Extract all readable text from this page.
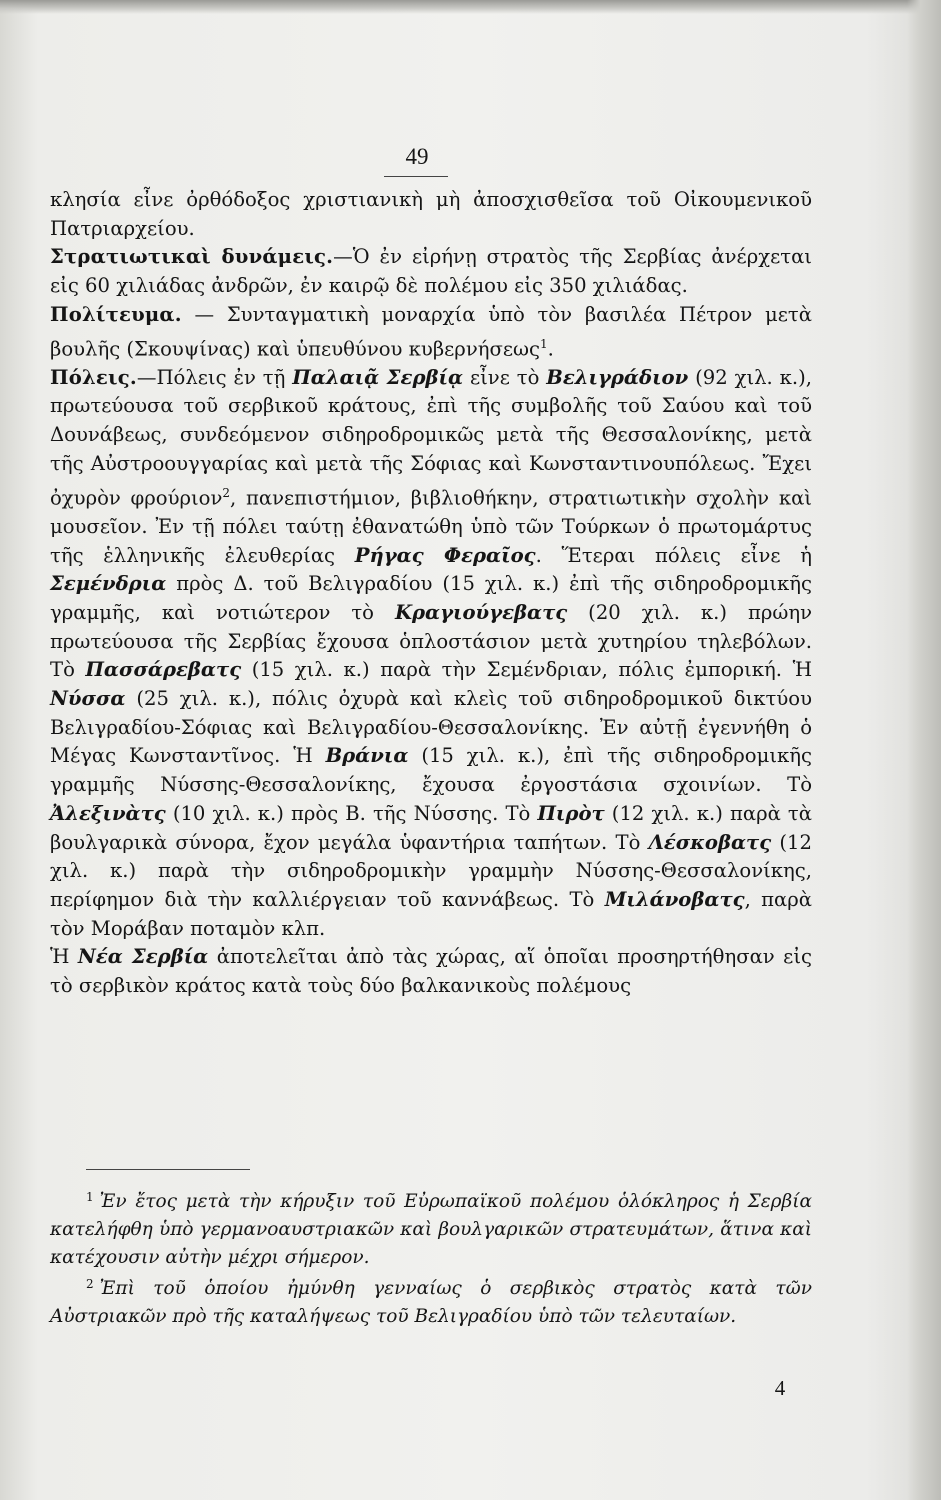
49

κλησία εἶνε ὀρθόδοξος χριστιανικὴ μὴ ἀποσχισθεῖσα τοῦ Οἰκουμενικοῦ Πατριαρχείου.

Στρατιωτικαὶ δυνάμεις.—Ὁ ἐν εἰρήνῃ στρατὸς τῆς Σερβίας ἀνέρχεται εἰς 60 χιλιάδας ἀνδρῶν, ἐν καιρῷ δὲ πολέμου εἰς 350 χιλιάδας.

Πολίτευμα. — Συνταγματικὴ μοναρχία ὑπὸ τὸν βασιλέα Πέτρον μετὰ βουλῆς (Σκουψίνας) καὶ ὑπευθύνου κυβερνήσεως$^1$.

Πόλεις.—Πόλεις ἐν τῇ Παλαιᾷ Σερβίᾳ εἶνε τὸ Βελιγράδιον (92 χιλ. κ.), πρωτεύουσα τοῦ σερβικοῦ κράτους, ἐπὶ τῆς συμβολῆς τοῦ Σαύου καὶ τοῦ Δουνάβεως, συνδεόμενον σιδηροδρομικῶς μετὰ τῆς Θεσσαλονίκης, μετὰ τῆς Αὐστροουγγαρίας καὶ μετὰ τῆς Σόφιας καὶ Κωνσταντινουπόλεως. Ἔχει ὀχυρὸν φρούριον$^2$, πανεπιστήμιον, βιβλιοθήκην, στρατιωτικὴν σχολὴν καὶ μουσεῖον. Ἐν τῇ πόλει ταύτῃ ἐθανατώθη ὑπὸ τῶν Τούρκων ὁ πρωτομάρτυς τῆς ἑλληνικῆς ἐλευθερίας Ρήγας Φεραῖος. Ἕτεραι πόλεις εἶνε ἡ Σεμένδρια πρὸς Δ. τοῦ Βελιγραδίου (15 χιλ. κ.) ἐπὶ τῆς σιδηροδρομικῆς γραμμῆς, καὶ νοτιώτερον τὸ Κραγιούγεβατς (20 χιλ. κ.) πρώην πρωτεύουσα τῆς Σερβίας ἔχουσα ὁπλοστάσιον μετὰ χυτηρίου τηλεβόλων. Τὸ Πασσάρεβατς (15 χιλ. κ.) παρὰ τὴν Σεμένδριαν, πόλις ἐμπορική. Ἡ Νύσσα (25 χιλ. κ.), πόλις ὀχυρὰ καὶ κλεὶς τοῦ σιδηροδρομικοῦ δικτύου Βελιγραδίου-Σόφιας καὶ Βελιγραδίου-Θεσσαλονίκης. Ἐν αὐτῇ ἐγεννήθη ὁ Μέγας Κωνσταντῖνος. Ἡ Βράνια (15 χιλ. κ.), ἐπὶ τῆς σιδηροδρομικῆς γραμμῆς Νύσσης-Θεσσαλονίκης, ἔχουσα ἐργοστάσια σχοινίων. Τὸ Ἀλεξινὰτς (10 χιλ. κ.) πρὸς Β. τῆς Νύσσης. Τὸ Πιρὸτ (12 χιλ. κ.) παρὰ τὰ βουλγαρικὰ σύνορα, ἔχον μεγάλα ὑφαντήρια ταπήτων. Τὸ Λέσκοβατς (12 χιλ. κ.) παρὰ τὴν σιδηροδρομικὴν γραμμὴν Νύσσης-Θεσσαλονίκης, περίφημον διὰ τὴν καλλιέργειαν τοῦ καννάβεως. Τὸ Μιλάνοβατς, παρὰ τὸν Μοράβαν ποταμὸν κλπ.

Ἡ Νέα Σερβία ἀποτελεῖται ἀπὸ τὰς χώρας, αἵ ὁποῖαι προσηρτήθησαν εἰς τὸ σερβικὸν κράτος κατὰ τοὺς δύο βαλκανικοὺς πολέμους

$^1$ Ἐν ἔτος μετὰ τὴν κήρυξιν τοῦ Εὐρωπαϊκοῦ πολέμου ὁλόκληρος ἡ Σερβία κατελήφθη ὑπὸ γερμανοαυστριακῶν καὶ βουλγαρικῶν στρατευμάτων, ἅτινα καὶ κατέχουσιν αὐτὴν μέχρι σήμερον.

$^2$ Ἐπὶ τοῦ ὁποίου ἠμύνθη γενναίως ὁ σερβικὸς στρατὸς κατὰ τῶν Αὐστριακῶν πρὸ τῆς καταλήψεως τοῦ Βελιγραδίου ὑπὸ τῶν τελευταίων.

4
